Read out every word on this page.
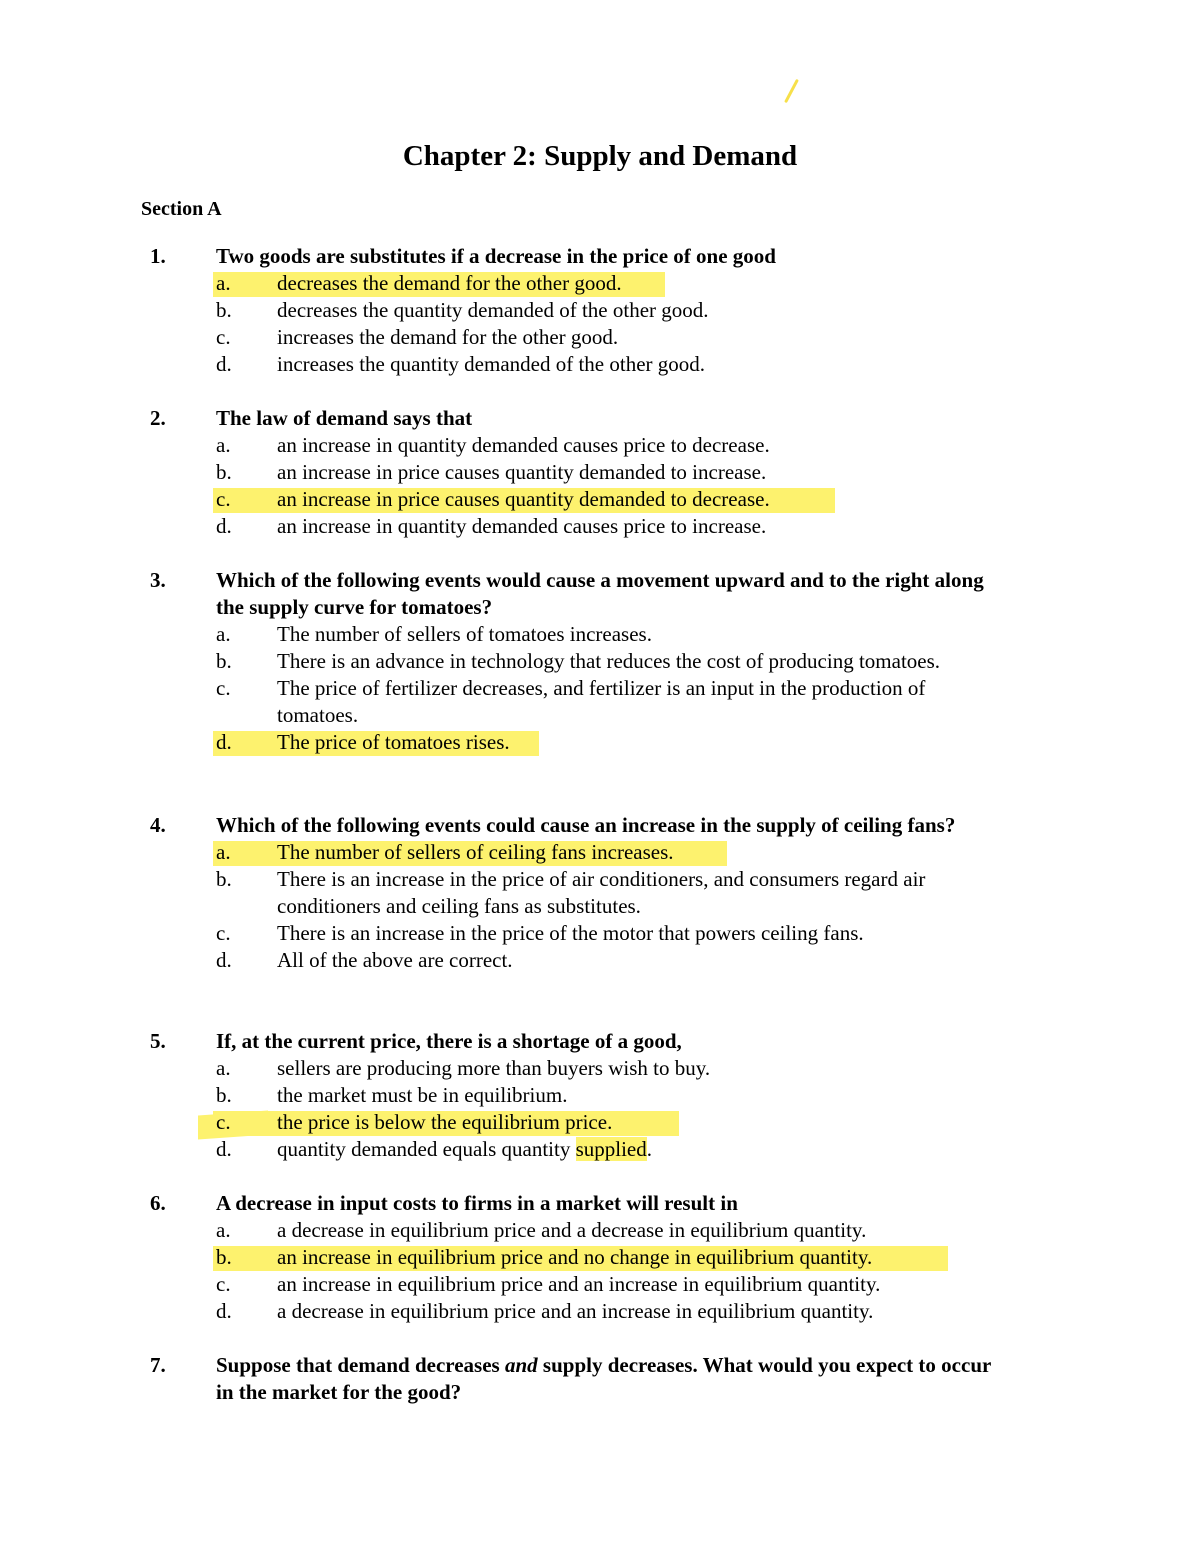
Chapter 2: Supply and Demand
Section A
1.	Two goods are substitutes if a decrease in the price of one good
a.	decreases the demand for the other good.
b.	decreases the quantity demanded of the other good.
c.	increases the demand for the other good.
d.	increases the quantity demanded of the other good.
2.	The law of demand says that
a.	an increase in quantity demanded causes price to decrease.
b.	an increase in price causes quantity demanded to increase.
c.	an increase in price causes quantity demanded to decrease.
d.	an increase in quantity demanded causes price to increase.
3.	Which of the following events would cause a movement upward and to the right along the supply curve for tomatoes?
a.	The number of sellers of tomatoes increases.
b.	There is an advance in technology that reduces the cost of producing tomatoes.
c.	The price of fertilizer decreases, and fertilizer is an input in the production of tomatoes.
d.	The price of tomatoes rises.
4.	Which of the following events could cause an increase in the supply of ceiling fans?
a.	The number of sellers of ceiling fans increases.
b.	There is an increase in the price of air conditioners, and consumers regard air conditioners and ceiling fans as substitutes.
c.	There is an increase in the price of the motor that powers ceiling fans.
d.	All of the above are correct.
5.	If, at the current price, there is a shortage of a good,
a.	sellers are producing more than buyers wish to buy.
b.	the market must be in equilibrium.
c.	the price is below the equilibrium price.
d.	quantity demanded equals quantity supplied.
6.	A decrease in input costs to firms in a market will result in
a.	a decrease in equilibrium price and a decrease in equilibrium quantity.
b.	an increase in equilibrium price and no change in equilibrium quantity.
c.	an increase in equilibrium price and an increase in equilibrium quantity.
d.	a decrease in equilibrium price and an increase in equilibrium quantity.
7.	Suppose that demand decreases and supply decreases. What would you expect to occur in the market for the good?
